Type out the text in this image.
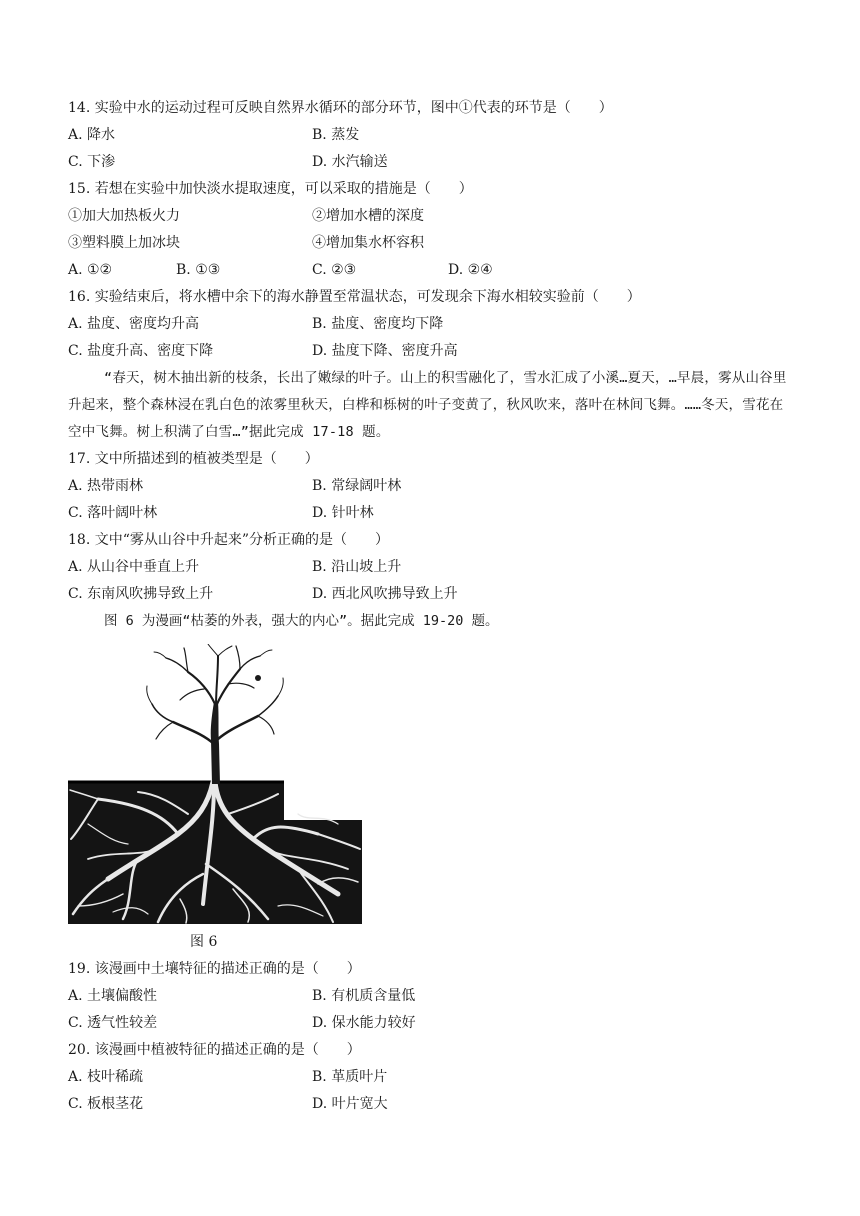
14. 实验中水的运动过程可反映自然界水循环的部分环节，图中①代表的环节是（　　）
A. 降水	B. 蒸发
C. 下渗	D. 水汽输送
15. 若想在实验中加快淡水提取速度，可以采取的措施是（　　）
①加大加热板火力	②增加水槽的深度
③塑料膜上加冰块	④增加集水杯容积
A. ①②	B. ①③	C. ②③	D. ②④
16. 实验结束后，将水槽中余下的海水静置至常温状态，可发现余下海水相较实验前（　　）
A. 盐度、密度均升高	B. 盐度、密度均下降
C. 盐度升高、密度下降	D. 盐度下降、密度升高
“春天，树木抽出新的枝条，长出了嫩绿的叶子。山上的积雪融化了，雪水汇成了小溪…夏天，…早晨，雾从山谷里升起来，整个森林浸在乳白色的浓雾里秋天，白桦和栎树的叶子变黄了，秋风吹来，落叶在林间飞舞。……冬天，雪花在空中飞舞。树上积满了白雪…”据此完成 17-18 题。
17. 文中所描述到的植被类型是（　　）
A. 热带雨林	B. 常绿阔叶林
C. 落叶阔叶林	D. 针叶林
18. 文中“雾从山谷中升起来”分析正确的是（　　）
A. 从山谷中垂直上升	B. 沿山坡上升
C. 东南风吹拂导致上升	D. 西北风吹拂导致上升
图 6 为漫画“枯萎的外表，强大的内心”。据此完成 19-20 题。
图 6
19. 该漫画中土壤特征的描述正确的是（　　）
A. 土壤偏酸性	B. 有机质含量低
C. 透气性较差	D. 保水能力较好
20. 该漫画中植被特征的描述正确的是（　　）
A. 枝叶稀疏	B. 革质叶片
C. 板根茎花	D. 叶片宽大
